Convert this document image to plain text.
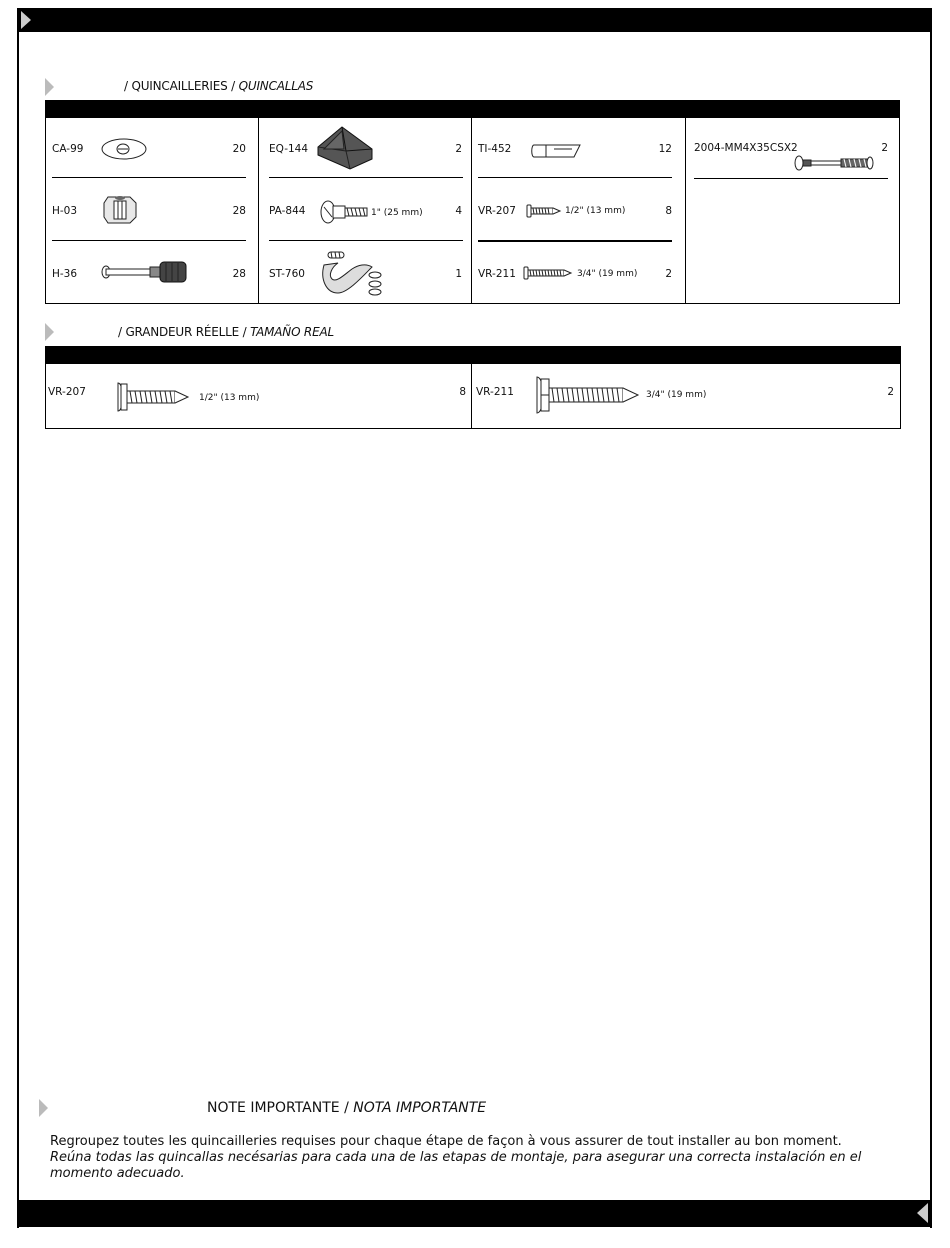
/ QUINCAILLERIES / QUINCALLAS
CA-99	20
H-03	28
H-36	28
EQ-144	2
PA-844	1" (25 mm)	4
ST-760	1
TI-452	12
VR-207	1/2" (13 mm)	8
VR-211	3/4" (19 mm)	2
2004-MM4X35CSX2	2
/ GRANDEUR RÉELLE / TAMAÑO REAL
VR-207	1/2" (13 mm)	8 VR-211	3/4" (19 mm)	2
NOTE IMPORTANTE / NOTA IMPORTANTE
Regroupez toutes les quincailleries requises pour chaque étape de façon à vous assurer de tout installer au bon moment.
Reúna todas las quincallas necésarias para cada una de las etapas de montaje, para asegurar una correcta instalación en el momento adecuado.
